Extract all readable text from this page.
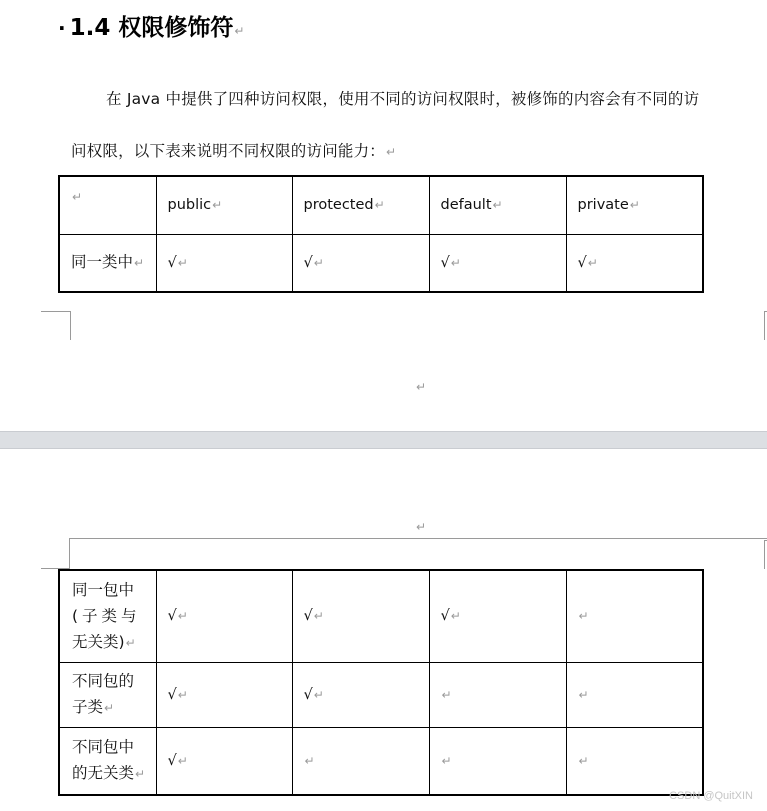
· 1.4 权限修饰符↵
在 Java 中提供了四种访问权限，使用不同的访问权限时，被修饰的内容会有不同的访
问权限，以下表来说明不同权限的访问能力：↵
↵	public↵	protected↵	default↵	private↵
同一类中↵	√↵	√↵	√↵	√↵
↵
↵
同一包中
(子类与
无关类)↵	√↵	√↵	√↵	↵

不同包的
子类↵	√↵	√↵	↵	↵

不同包中
的无关类↵	√↵	↵	↵	↵
CSDN @QuitXIN
